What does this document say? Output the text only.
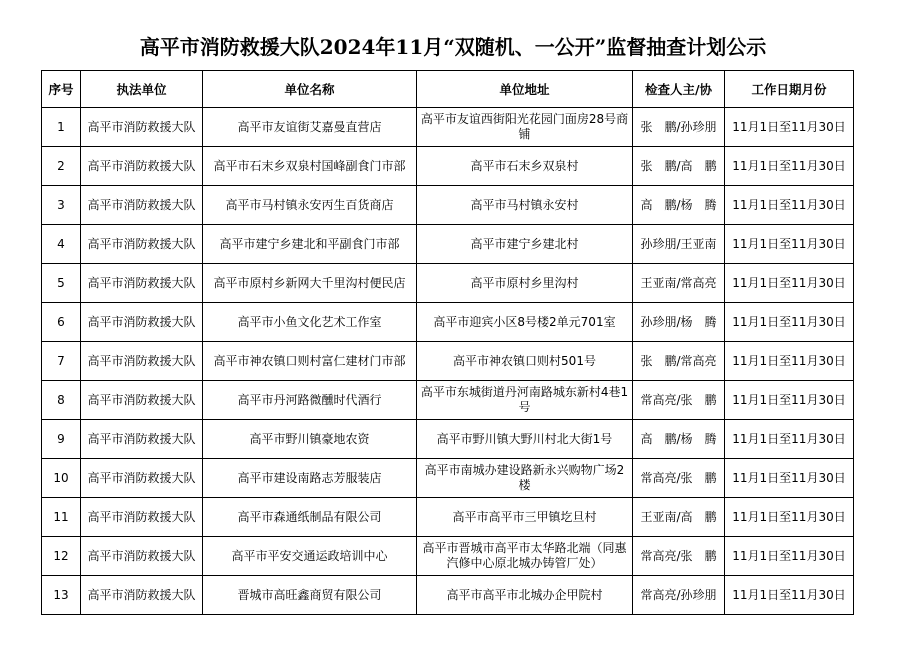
高平市消防救援大队2024年11月“双随机、一公开”监督抽查计划公示
序号	执法单位	单位名称	单位地址	检查人主/协	工作日期月份
1	高平市消防救援大队	高平市友谊街艾嘉曼直营店	高平市友谊西街阳光花园门面房28号商铺	张　鹏/孙珍朋	11月1日至11月30日
2	高平市消防救援大队	高平市石末乡双泉村国峰副食门市部	高平市石末乡双泉村	张　鹏/高　鹏	11月1日至11月30日
3	高平市消防救援大队	高平市马村镇永安丙生百货商店	高平市马村镇永安村	高　鹏/杨　腾	11月1日至11月30日
4	高平市消防救援大队	高平市建宁乡建北和平副食门市部	高平市建宁乡建北村	孙珍朋/王亚南	11月1日至11月30日
5	高平市消防救援大队	高平市原村乡新网大千里沟村便民店	高平市原村乡里沟村	王亚南/常高亮	11月1日至11月30日
6	高平市消防救援大队	高平市小鱼文化艺术工作室	高平市迎宾小区8号楼2单元701室	孙珍朋/杨　腾	11月1日至11月30日
7	高平市消防救援大队	高平市神农镇口则村富仁建材门市部	高平市神农镇口则村501号	张　鹏/常高亮	11月1日至11月30日
8	高平市消防救援大队	高平市丹河路微醺时代酒行	高平市东城街道丹河南路城东新村4巷1号	常高亮/张　鹏	11月1日至11月30日
9	高平市消防救援大队	高平市野川镇豪地农资	高平市野川镇大野川村北大街1号	高　鹏/杨　腾	11月1日至11月30日
10	高平市消防救援大队	高平市建设南路志芳服装店	高平市南城办建设路新永兴购物广场2楼	常高亮/张　鹏	11月1日至11月30日
11	高平市消防救援大队	高平市森通纸制品有限公司	高平市高平市三甲镇圪旦村	王亚南/高　鹏	11月1日至11月30日
12	高平市消防救援大队	高平市平安交通运政培训中心	高平市晋城市高平市太华路北端（同惠汽修中心原北城办铸管厂处）	常高亮/张　鹏	11月1日至11月30日
13	高平市消防救援大队	晋城市高旺鑫商贸有限公司	高平市高平市北城办企甲院村	常高亮/孙珍朋	11月1日至11月30日
